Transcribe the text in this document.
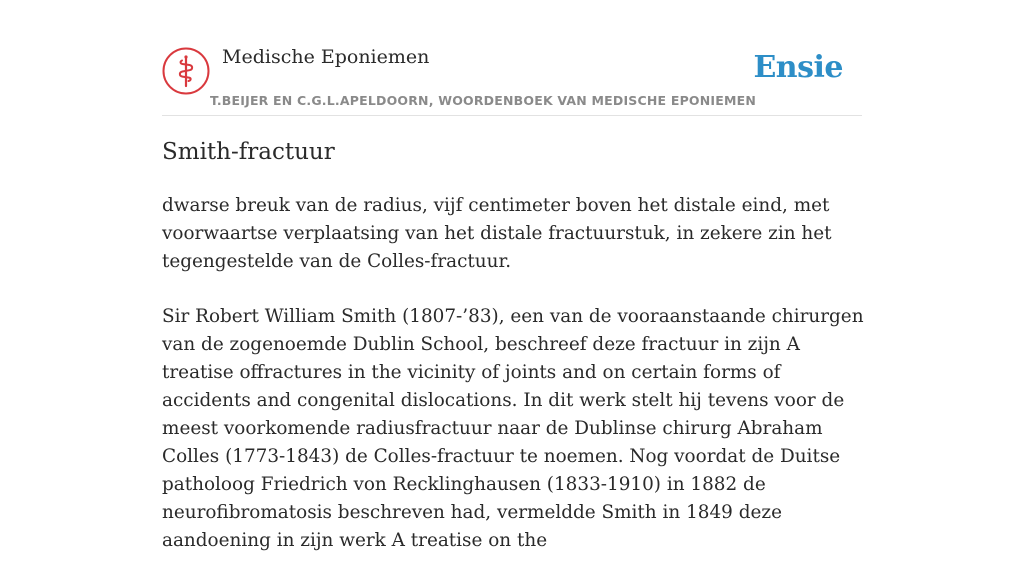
Medische Eponiemen
T.BEIJER EN C.G.L.APELDOORN, WOORDENBOEK VAN MEDISCHE EPONIEMEN
Ensie
Smith-fractuur

dwarse breuk van de radius, vijf centimeter boven het distale eind, met voorwaartse verplaatsing van het distale fractuurstuk, in zekere zin het tegengestelde van de Colles-fractuur.

Sir Robert William Smith (1807-’83), een van de vooraanstaande chirurgen van de zogenoemde Dublin School, beschreef deze fractuur in zijn A treatise offractures in the vicinity of joints and on certain forms of accidents and congenital dislocations. In dit werk stelt hij tevens voor de meest voorkomende radiusfractuur naar de Dublinse chirurg Abraham Colles (1773-1843) de Colles-fractuur te noemen. Nog voordat de Duitse patholoog Friedrich von Recklinghausen (1833-1910) in 1882 de neurofibromatosis beschreven had, vermeldde Smith in 1849 deze aandoening in zijn werk A treatise on the
